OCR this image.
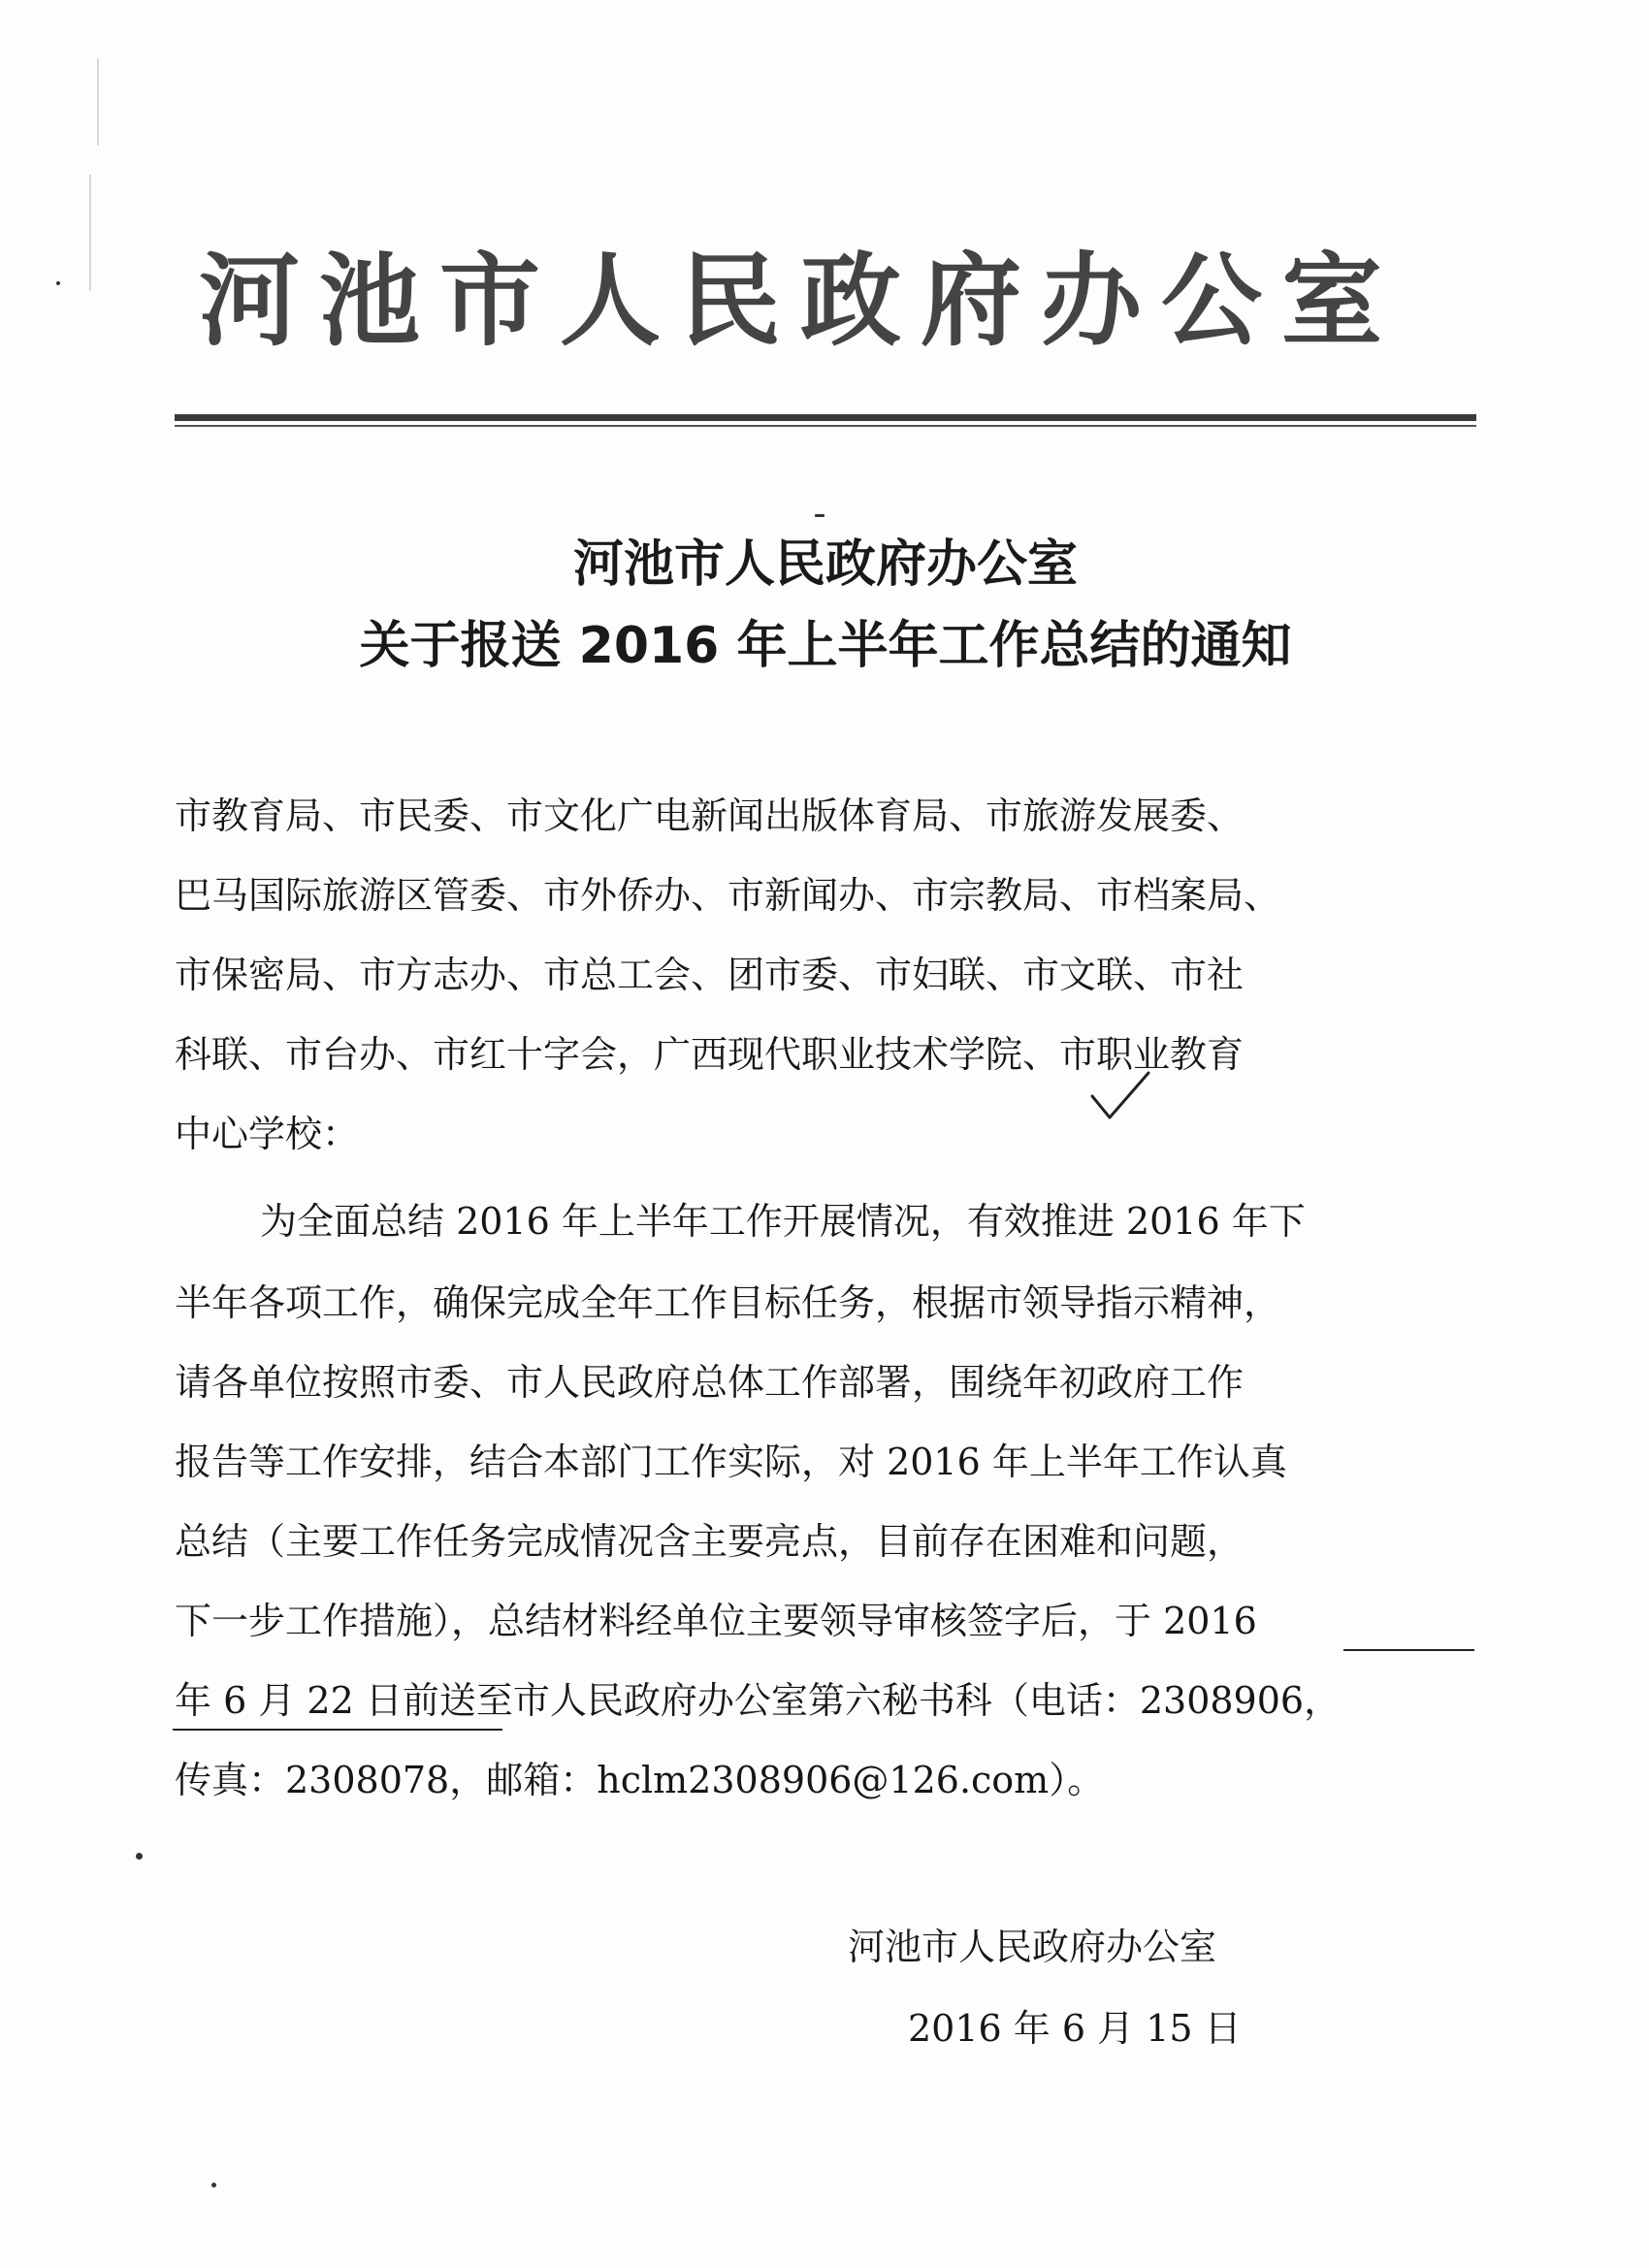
河池市人民政府办公室
河池市人民政府办公室
关于报送 2016 年上半年工作总结的通知
市教育局、市民委、市文化广电新闻出版体育局、市旅游发展委、
巴马国际旅游区管委、市外侨办、市新闻办、市宗教局、市档案局、
市保密局、市方志办、市总工会、团市委、市妇联、市文联、市社
科联、市台办、市红十字会，广西现代职业技术学院、市职业教育
中心学校：
为全面总结 2016 年上半年工作开展情况，有效推进 2016 年下
半年各项工作，确保完成全年工作目标任务，根据市领导指示精神，
请各单位按照市委、市人民政府总体工作部署，围绕年初政府工作
报告等工作安排，结合本部门工作实际，对 2016 年上半年工作认真
总结（主要工作任务完成情况含主要亮点，目前存在困难和问题，
下一步工作措施），总结材料经单位主要领导审核签字后，于 2016
年 6 月 22 日前送至市人民政府办公室第六秘书科（电话：2308906，
传真：2308078，邮箱：hclm2308906@126.com）。
河池市人民政府办公室
2016 年 6 月 15 日
